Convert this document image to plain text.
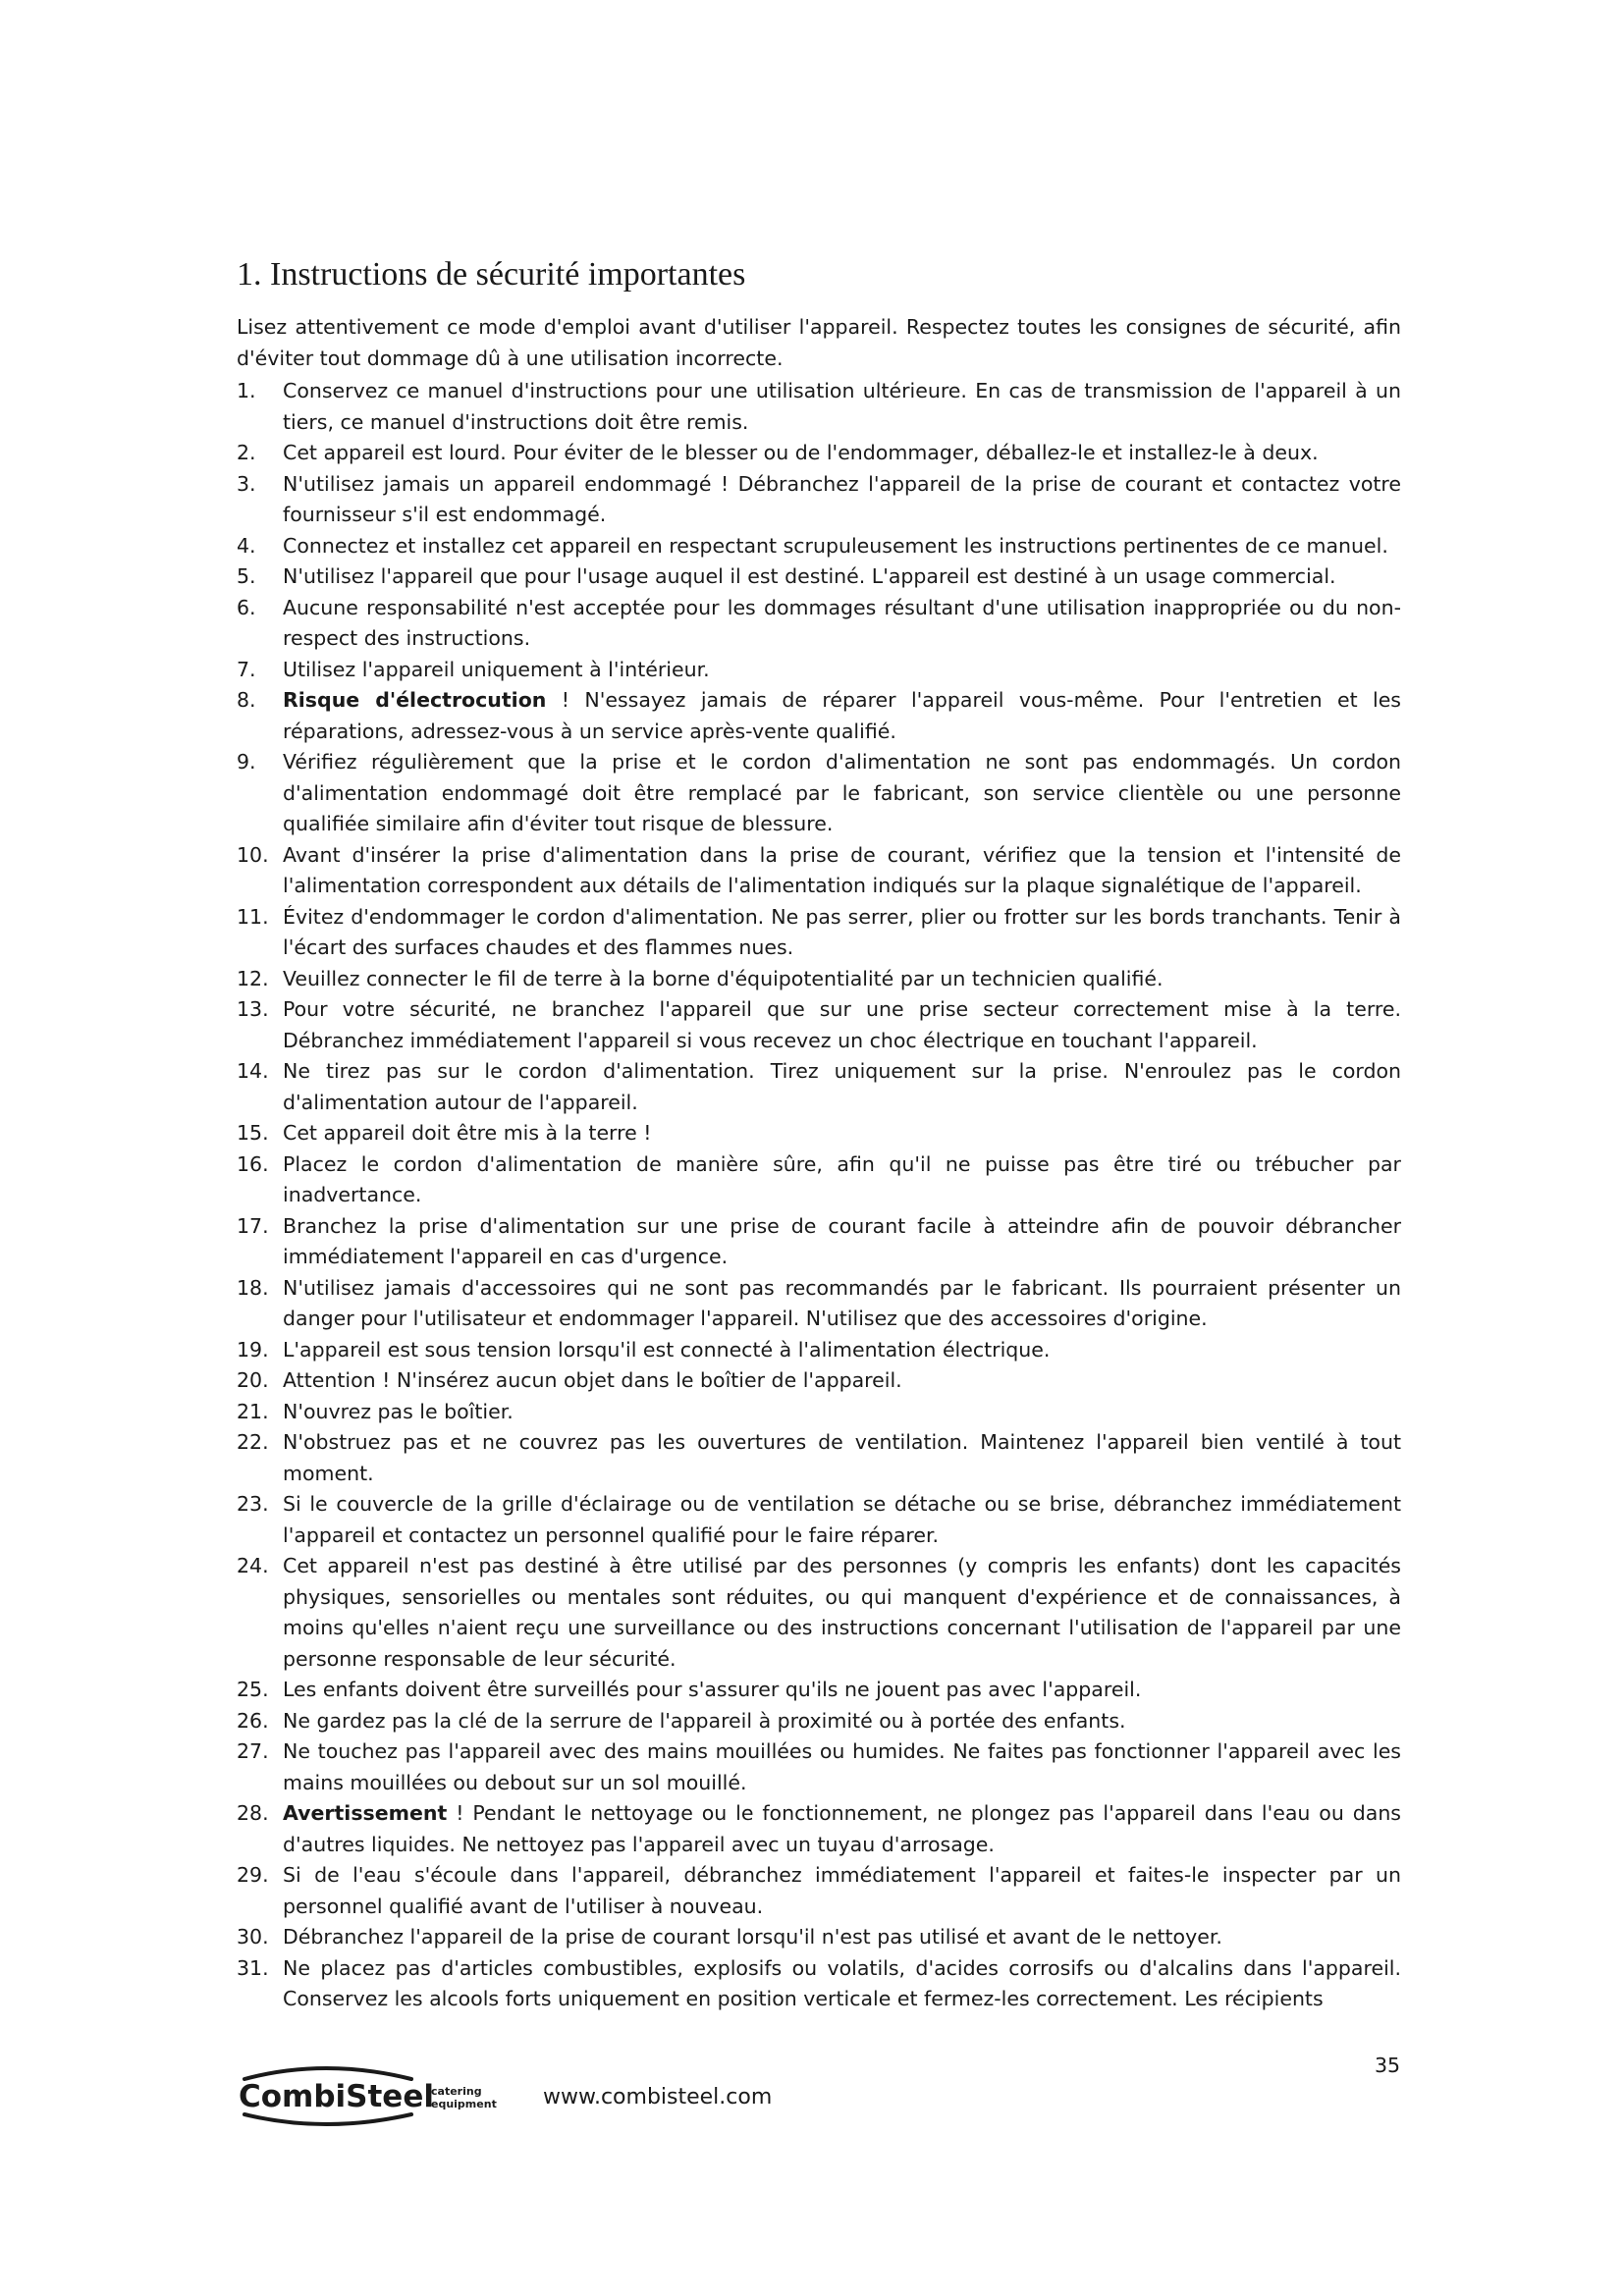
1. Instructions de sécurité importantes

Lisez attentivement ce mode d'emploi avant d'utiliser l'appareil. Respectez toutes les consignes de sécurité, afin d'éviter tout dommage dû à une utilisation incorrecte.

1. Conservez ce manuel d'instructions pour une utilisation ultérieure. En cas de transmission de l'appareil à un tiers, ce manuel d'instructions doit être remis.
2. Cet appareil est lourd. Pour éviter de le blesser ou de l'endommager, déballez-le et installez-le à deux.
3. N'utilisez jamais un appareil endommagé ! Débranchez l'appareil de la prise de courant et contactez votre fournisseur s'il est endommagé.
4. Connectez et installez cet appareil en respectant scrupuleusement les instructions pertinentes de ce manuel.
5. N'utilisez l'appareil que pour l'usage auquel il est destiné. L'appareil est destiné à un usage commercial.
6. Aucune responsabilité n'est acceptée pour les dommages résultant d'une utilisation inappropriée ou du non-respect des instructions.
7. Utilisez l'appareil uniquement à l'intérieur.
8. Risque d'électrocution ! N'essayez jamais de réparer l'appareil vous-même. Pour l'entretien et les réparations, adressez-vous à un service après-vente qualifié.
9. Vérifiez régulièrement que la prise et le cordon d'alimentation ne sont pas endommagés. Un cordon d'alimentation endommagé doit être remplacé par le fabricant, son service clientèle ou une personne qualifiée similaire afin d'éviter tout risque de blessure.
10. Avant d'insérer la prise d'alimentation dans la prise de courant, vérifiez que la tension et l'intensité de l'alimentation correspondent aux détails de l'alimentation indiqués sur la plaque signalétique de l'appareil.
11. Évitez d'endommager le cordon d'alimentation. Ne pas serrer, plier ou frotter sur les bords tranchants. Tenir à l'écart des surfaces chaudes et des flammes nues.
12. Veuillez connecter le fil de terre à la borne d'équipotentialité par un technicien qualifié.
13. Pour votre sécurité, ne branchez l'appareil que sur une prise secteur correctement mise à la terre. Débranchez immédiatement l'appareil si vous recevez un choc électrique en touchant l'appareil.
14. Ne tirez pas sur le cordon d'alimentation. Tirez uniquement sur la prise. N'enroulez pas le cordon d'alimentation autour de l'appareil.
15. Cet appareil doit être mis à la terre !
16. Placez le cordon d'alimentation de manière sûre, afin qu'il ne puisse pas être tiré ou trébucher par inadvertance.
17. Branchez la prise d'alimentation sur une prise de courant facile à atteindre afin de pouvoir débrancher immédiatement l'appareil en cas d'urgence.
18. N'utilisez jamais d'accessoires qui ne sont pas recommandés par le fabricant. Ils pourraient présenter un danger pour l'utilisateur et endommager l'appareil. N'utilisez que des accessoires d'origine.
19. L'appareil est sous tension lorsqu'il est connecté à l'alimentation électrique.
20. Attention ! N'insérez aucun objet dans le boîtier de l'appareil.
21. N'ouvrez pas le boîtier.
22. N'obstruez pas et ne couvrez pas les ouvertures de ventilation. Maintenez l'appareil bien ventilé à tout moment.
23. Si le couvercle de la grille d'éclairage ou de ventilation se détache ou se brise, débranchez immédiatement l'appareil et contactez un personnel qualifié pour le faire réparer.
24. Cet appareil n'est pas destiné à être utilisé par des personnes (y compris les enfants) dont les capacités physiques, sensorielles ou mentales sont réduites, ou qui manquent d'expérience et de connaissances, à moins qu'elles n'aient reçu une surveillance ou des instructions concernant l'utilisation de l'appareil par une personne responsable de leur sécurité.
25. Les enfants doivent être surveillés pour s'assurer qu'ils ne jouent pas avec l'appareil.
26. Ne gardez pas la clé de la serrure de l'appareil à proximité ou à portée des enfants.
27. Ne touchez pas l'appareil avec des mains mouillées ou humides. Ne faites pas fonctionner l'appareil avec les mains mouillées ou debout sur un sol mouillé.
28. Avertissement ! Pendant le nettoyage ou le fonctionnement, ne plongez pas l'appareil dans l'eau ou dans d'autres liquides. Ne nettoyez pas l'appareil avec un tuyau d'arrosage.
29. Si de l'eau s'écoule dans l'appareil, débranchez immédiatement l'appareil et faites-le inspecter par un personnel qualifié avant de l'utiliser à nouveau.
30. Débranchez l'appareil de la prise de courant lorsqu'il n'est pas utilisé et avant de le nettoyer.
31. Ne placez pas d'articles combustibles, explosifs ou volatils, d'acides corrosifs ou d'alcalins dans l'appareil. Conservez les alcools forts uniquement en position verticale et fermez-les correctement. Les récipients
35
CombiSteel
catering
equipment www.combisteel.com
